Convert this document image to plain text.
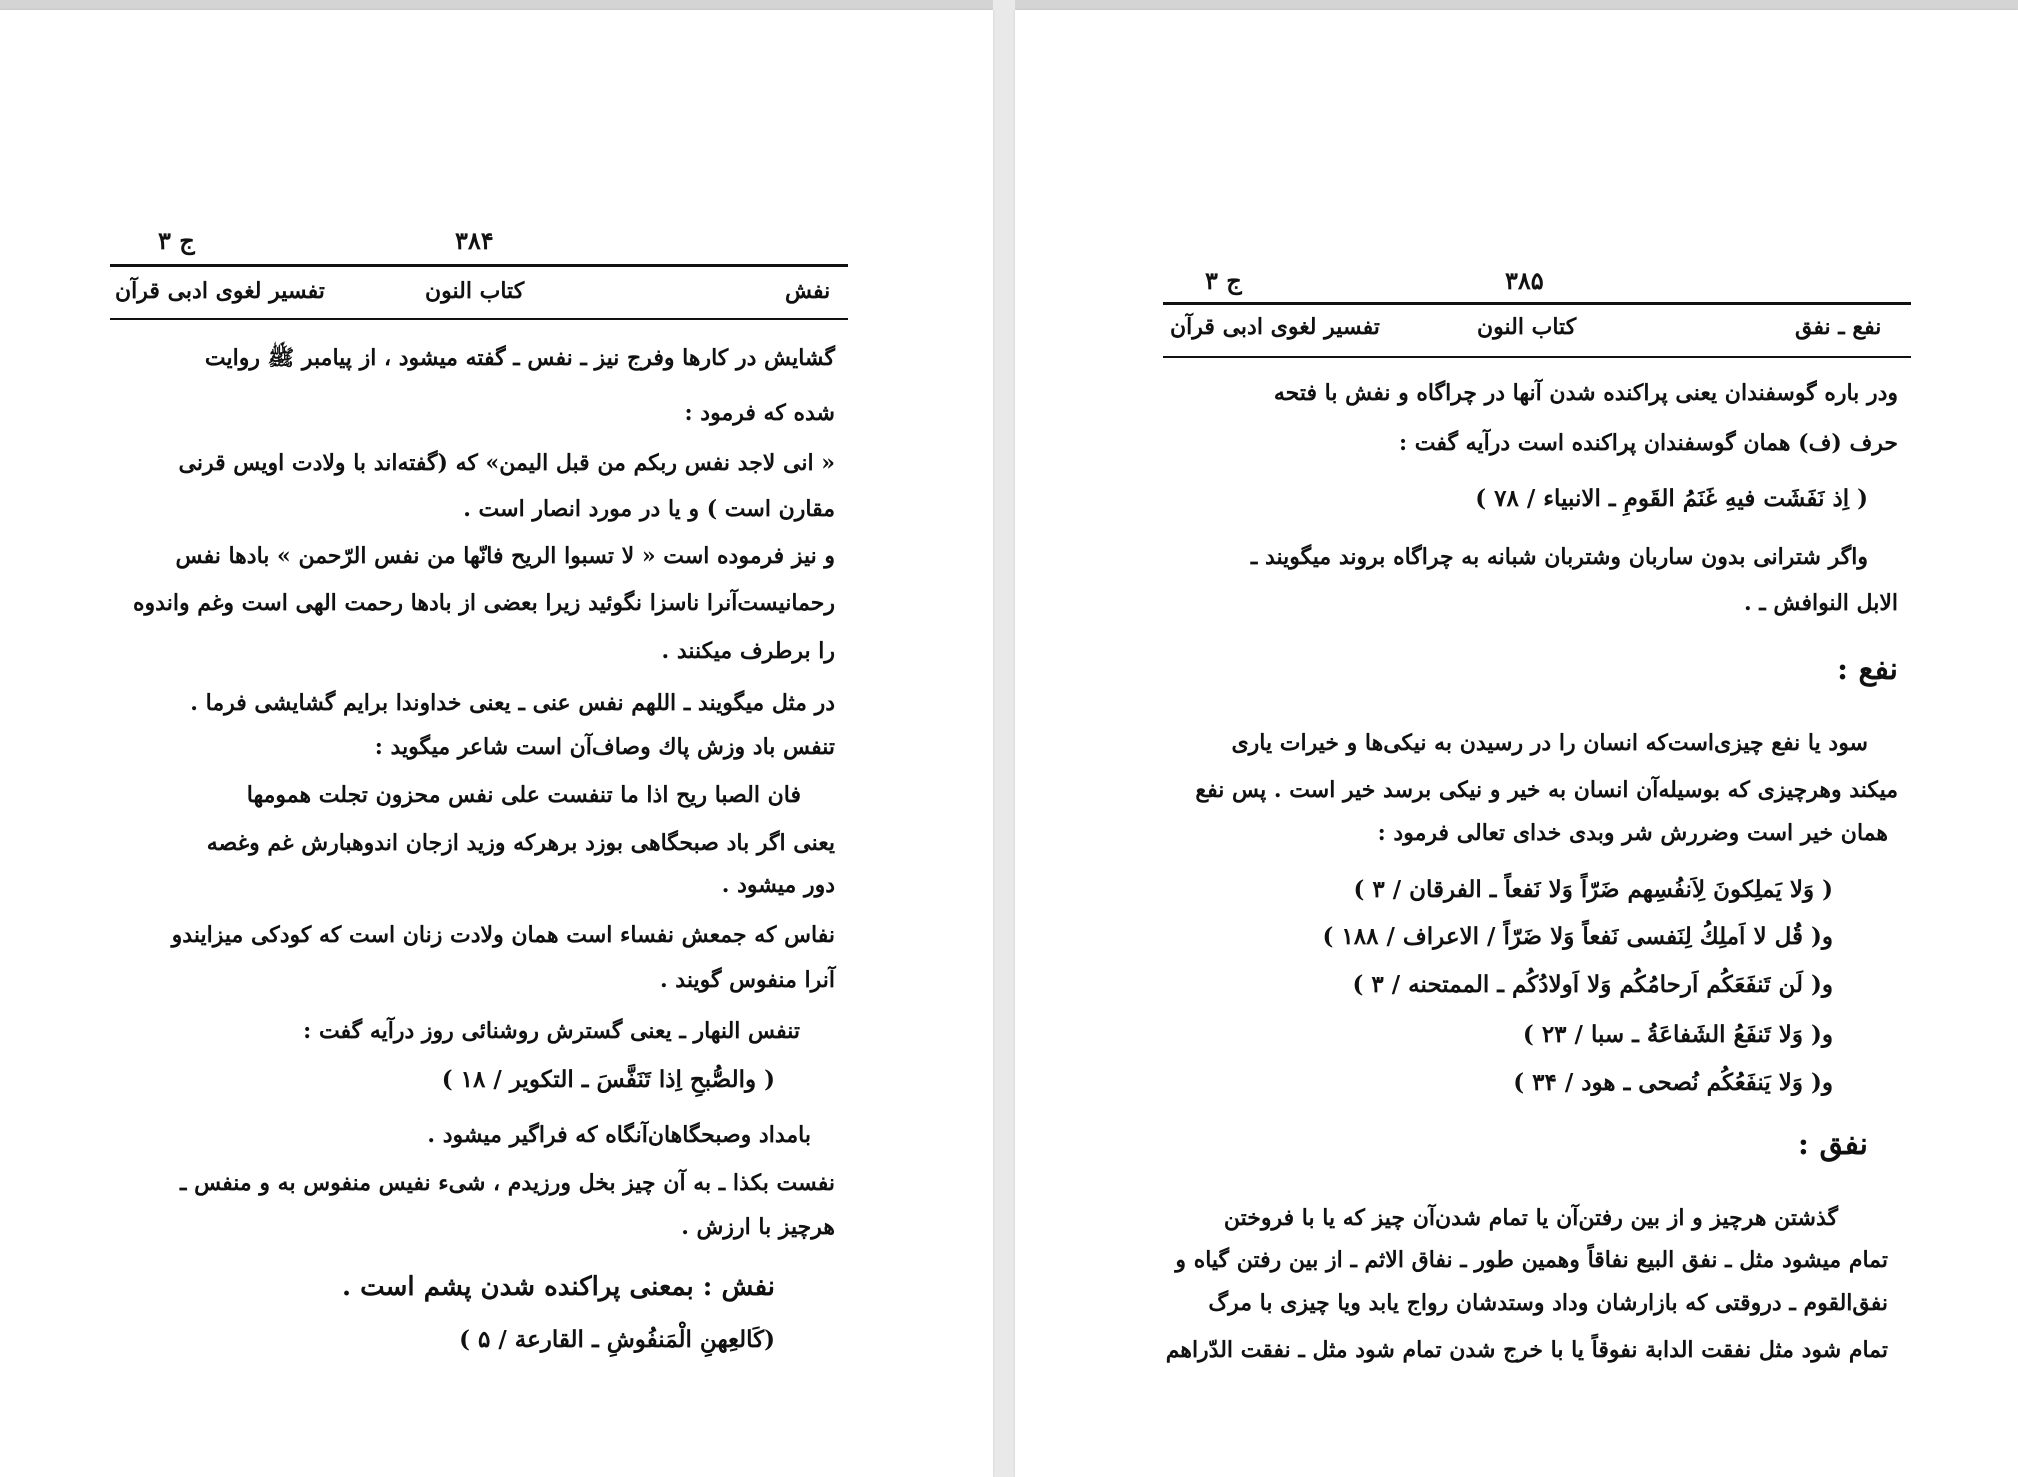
ج ۳	۳۸۴
تفسیر لغوی ادبی قرآن	کتاب النون	نفش
گشایش در کارها وفرج نیز ـ نفس ـ گفته میشود ، از پیامبر ﷺ روایت
شده که فرمود :
« انی لاجد نفس ربکم من قبل الیمن» که (گفته‌اند با ولادت اویس قرنی
مقارن است ) و یا در مورد انصار است .
و نیز فرموده است « لا تسبوا الریح فانّها من نفس الرّحمن » بادها نفس
رحمانیست‌آنرا ناسزا نگوئید زیرا بعضی از بادها رحمت الهی است وغم واندوه
را برطرف میکنند .
در مثل میگویند ـ اللهم نفس عنی ـ یعنی خداوندا برایم گشایشی فرما .
تنفس باد وزش پاك وصاف‌آن است شاعر میگوید :
فان الصبا ریح اذا ما تنفست علی نفس محزون تجلت همومها
یعنی اگر باد صبحگاهی بوزد برهرکه وزید ازجان اندوهبارش غم وغصه
دور میشود .
نفاس که جمعش نفساء است همان ولادت زنان است که کودکی میزایندو
آنرا منفوس گویند .
تنفس النهار ـ یعنی گسترش روشنائی روز درآیه گفت :
( والصُّبحِ اِذا تَنَفَّسَ ـ التکویر / ۱۸ )
بامداد وصبحگاهان‌آنگاه که فراگیر میشود .
نفست بکذا ـ به آن چیز بخل ورزیدم ، شیء نفیس منفوس به و منفس ـ
هرچیز با ارزش .
نفش : بمعنی پراکنده شدن پشم است .
(کَالعِهنِ الْمَنفُوشِ ـ القارعة / ۵ )
ج ۳	۳۸۵
تفسیر لغوی ادبی قرآن	کتاب النون	نفع ـ نفق
ودر باره گوسفندان یعنی پراکنده شدن آنها در چراگاه و نفش با فتحه
حرف (ف) همان گوسفندان پراکنده است درآیه گفت :
( اِذ نَفَشَت فیهِ غَنَمُ القَومِ ـ الانبیاء / ۷۸ )
واگر شترانی بدون ساربان وشتربان شبانه به چراگاه بروند میگویند ـ
الابل النوافش ـ .
نفع :
سود یا نفع چیزی‌است‌که انسان را در رسیدن به نیکی‌ها و خیرات یاری
میکند وهرچیزی که بوسیله‌آن انسان به خیر و نیکی برسد خیر است . پس نفع
همان خیر است وضررش شر وبدی خدای تعالی فرمود :
( وَلا یَملِکونَ لِاَنفُسِهم ضَرّاً وَلا نَفعاً ـ الفرقان / ۳ )
و( قُل لا اَملِكُ لِنَفسی نَفعاً وَلا ضَرّاً / الاعراف / ۱۸۸ )
و( لَن تَنفَعَکُم اَرحامُکُم وَلا اَولادُکُم ـ الممتحنه / ۳ )
و( وَلا تَنفَعُ الشَفاعَةُ ـ سبا / ۲۳ )
و( وَلا یَنفَعُکُم نُصحی ـ هود / ۳۴ )
نفق :
گذشتن هرچیز و از بین رفتن‌آن یا تمام شدن‌آن چیز که یا با فروختن
تمام میشود مثل ـ نفق البیع نفاقاً وهمین طور ـ نفاق الاثم ـ از بین رفتن گیاه و
نفق‌القوم ـ دروقتی که بازارشان وداد وستدشان رواج یابد ویا چیزی با مرگ
تمام شود مثل نفقت الدابة نفوقاً یا با خرج شدن تمام شود مثل ـ نفقت الدّراهم
